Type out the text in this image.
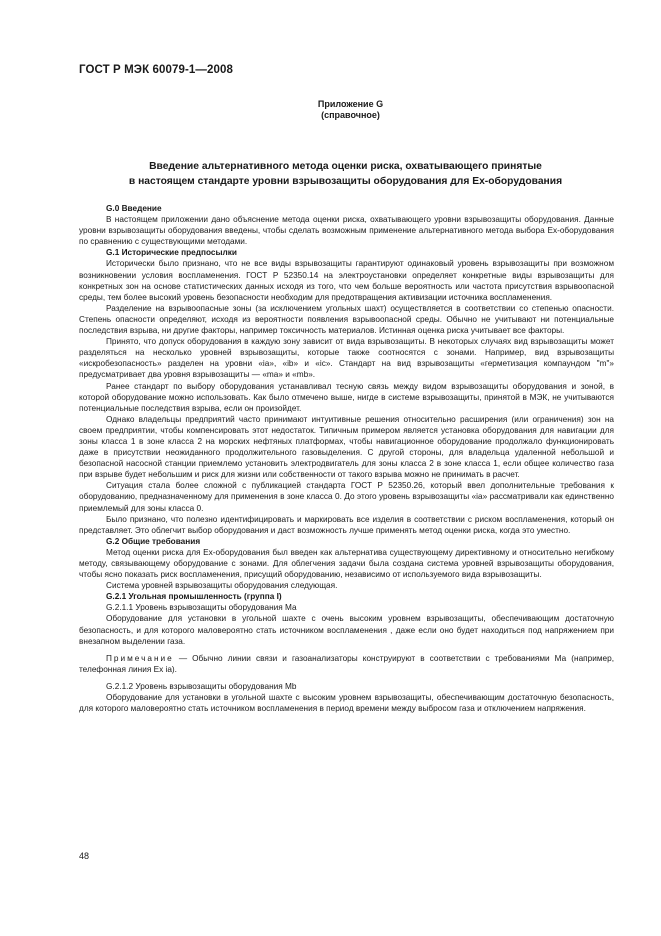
ГОСТ Р МЭК 60079-1—2008
Приложение G
(справочное)
Введение альтернативного метода оценки риска, охватывающего принятые
в настоящем стандарте уровни взрывозащиты оборудования для Ex-оборудования

G.0 Введение

В настоящем приложении дано объяснение метода оценки риска, охватывающего уровни взрывозащиты оборудования. Данные уровни взрывозащиты оборудования введены, чтобы сделать возможным применение альтернативного метода выбора Ex-оборудования по сравнению с существующими методами.

G.1 Исторические предпосылки

Исторически было признано, что не все виды взрывозащиты гарантируют одинаковый уровень взрывозащиты при возможном возникновении условия воспламенения. ГОСТ Р 52350.14 на электроустановки определяет конкретные виды взрывозащиты для конкретных зон на основе статистических данных исходя из того, что чем больше вероятность или частота присутствия взрывоопасной среды, тем более высокий уровень безопасности необходим для предотвращения активизации источника воспламенения.

Разделение на взрывоопасные зоны (за исключением угольных шахт) осуществляется в соответствии со степенью опасности. Степень опасности определяют, исходя из вероятности появления взрывоопасной среды. Обычно не учитывают ни потенциальные последствия взрыва, ни другие факторы, например токсичность материалов. Истинная оценка риска учитывает все факторы.

Принято, что допуск оборудования в каждую зону зависит от вида взрывозащиты. В некоторых случаях вид взрывозащиты может разделяться на несколько уровней взрывозащиты, которые также соотносятся с зонами. Например, вид взрывозащиты «искробезопасность» разделен на уровни «ia», «ib» и «ic». Стандарт на вид взрывозащиты «герметизация компаундом "m"» предусматривает два уровня взрывозащиты — «ma» и «mb».

Ранее стандарт по выбору оборудования устанавливал тесную связь между видом взрывозащиты оборудования и зоной, в которой оборудование можно использовать. Как было отмечено выше, нигде в системе взрывозащиты, принятой в МЭК, не учитываются потенциальные последствия взрыва, если он произойдет.

Однако владельцы предприятий часто принимают интуитивные решения относительно расширения (или ограничения) зон на своем предприятии, чтобы компенсировать этот недостаток. Типичным примером является установка оборудования для навигации для зоны класса 1 в зоне класса 2 на морских нефтяных платформах, чтобы навигационное оборудование продолжало функционировать даже в присутствии неожиданного продолжительного газовыделения. С другой стороны, для владельца удаленной небольшой и безопасной насосной станции приемлемо установить электродвигатель для зоны класса 2 в зоне класса 1, если общее количество газа при взрыве будет небольшим и риск для жизни или собственности от такого взрыва можно не принимать в расчет.

Ситуация стала более сложной с публикацией стандарта ГОСТ Р 52350.26, который ввел дополнительные требования к оборудованию, предназначенному для применения в зоне класса 0. До этого уровень взрывозащиты «ia» рассматривали как единственно приемлемый для зоны класса 0.

Было признано, что полезно идентифицировать и маркировать все изделия в соответствии с риском воспламенения, который он представляет. Это облегчит выбор оборудования и даст возможность лучше применять метод оценки риска, когда это уместно.

G.2 Общие требования

Метод оценки риска для Ex-оборудования был введен как альтернатива существующему директивному и относительно негибкому методу, связывающему оборудование с зонами. Для облегчения задачи была создана система уровней взрывозащиты оборудования, чтобы ясно показать риск воспламенения, присущий оборудованию, независимо от используемого вида взрывозащиты.

Система уровней взрывозащиты оборудования следующая.

G.2.1 Угольная промышленность (группа I)

G.2.1.1 Уровень взрывозащиты оборудования Ма

Оборудование для установки в угольной шахте с очень высоким уровнем взрывозащиты, обеспечивающим достаточную безопасность, и для которого маловероятно стать источником воспламенения , даже если оно будет находиться под напряжением при внезапном выделении газа.

Примечание — Обычно линии связи и газоанализаторы конструируют в соответствии с требованиями Ма (например, телефонная линия Ex ia).

G.2.1.2 Уровень взрывозащиты оборудования Mb

Оборудование для установки в угольной шахте с высоким уровнем взрывозащиты, обеспечивающим достаточную безопасность, для которого маловероятно стать источником воспламенения в период времени между выбросом газа и отключением напряжения.

48
